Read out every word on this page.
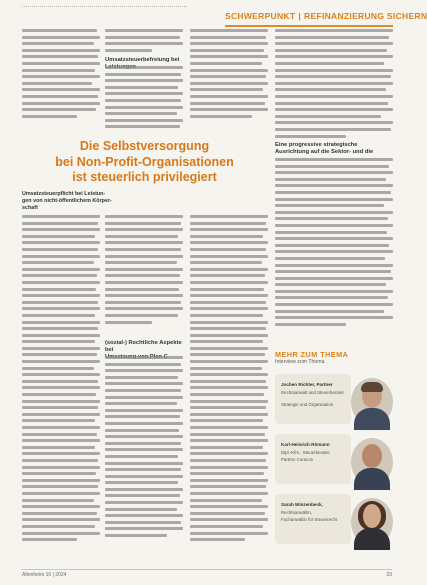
SCHWERPUNKT | REFINANZIERUNG SICHERN
Umsatzsteuerbefreiung bei
Die Selbstversorgung
bei Non-Profit-Organisationen
ist steuerlich privilegiert
Umsatzsteuerpflicht bei Leistun-
gen von nicht-öffentlichem Körper-
schaft
(sozial-) Rechtliche Aspekte bei
Eine progressive strategische
Ausrichtung auf die Sektor- und die
MEHR ZUM THEMA
Interview zum Thema
Jochen Richter, Partner
Rechtsanwalt und Steuerberater
Strategie und Organisation
Karl-Heinrich Römann
Dipl.-Kfm., Steuerberater,
Partner Curacon
Sarah Winzenbeck,
Rechtsanwältin,
Fachanwältin für Steuerrecht
Altenheim 10 | 2024	33
